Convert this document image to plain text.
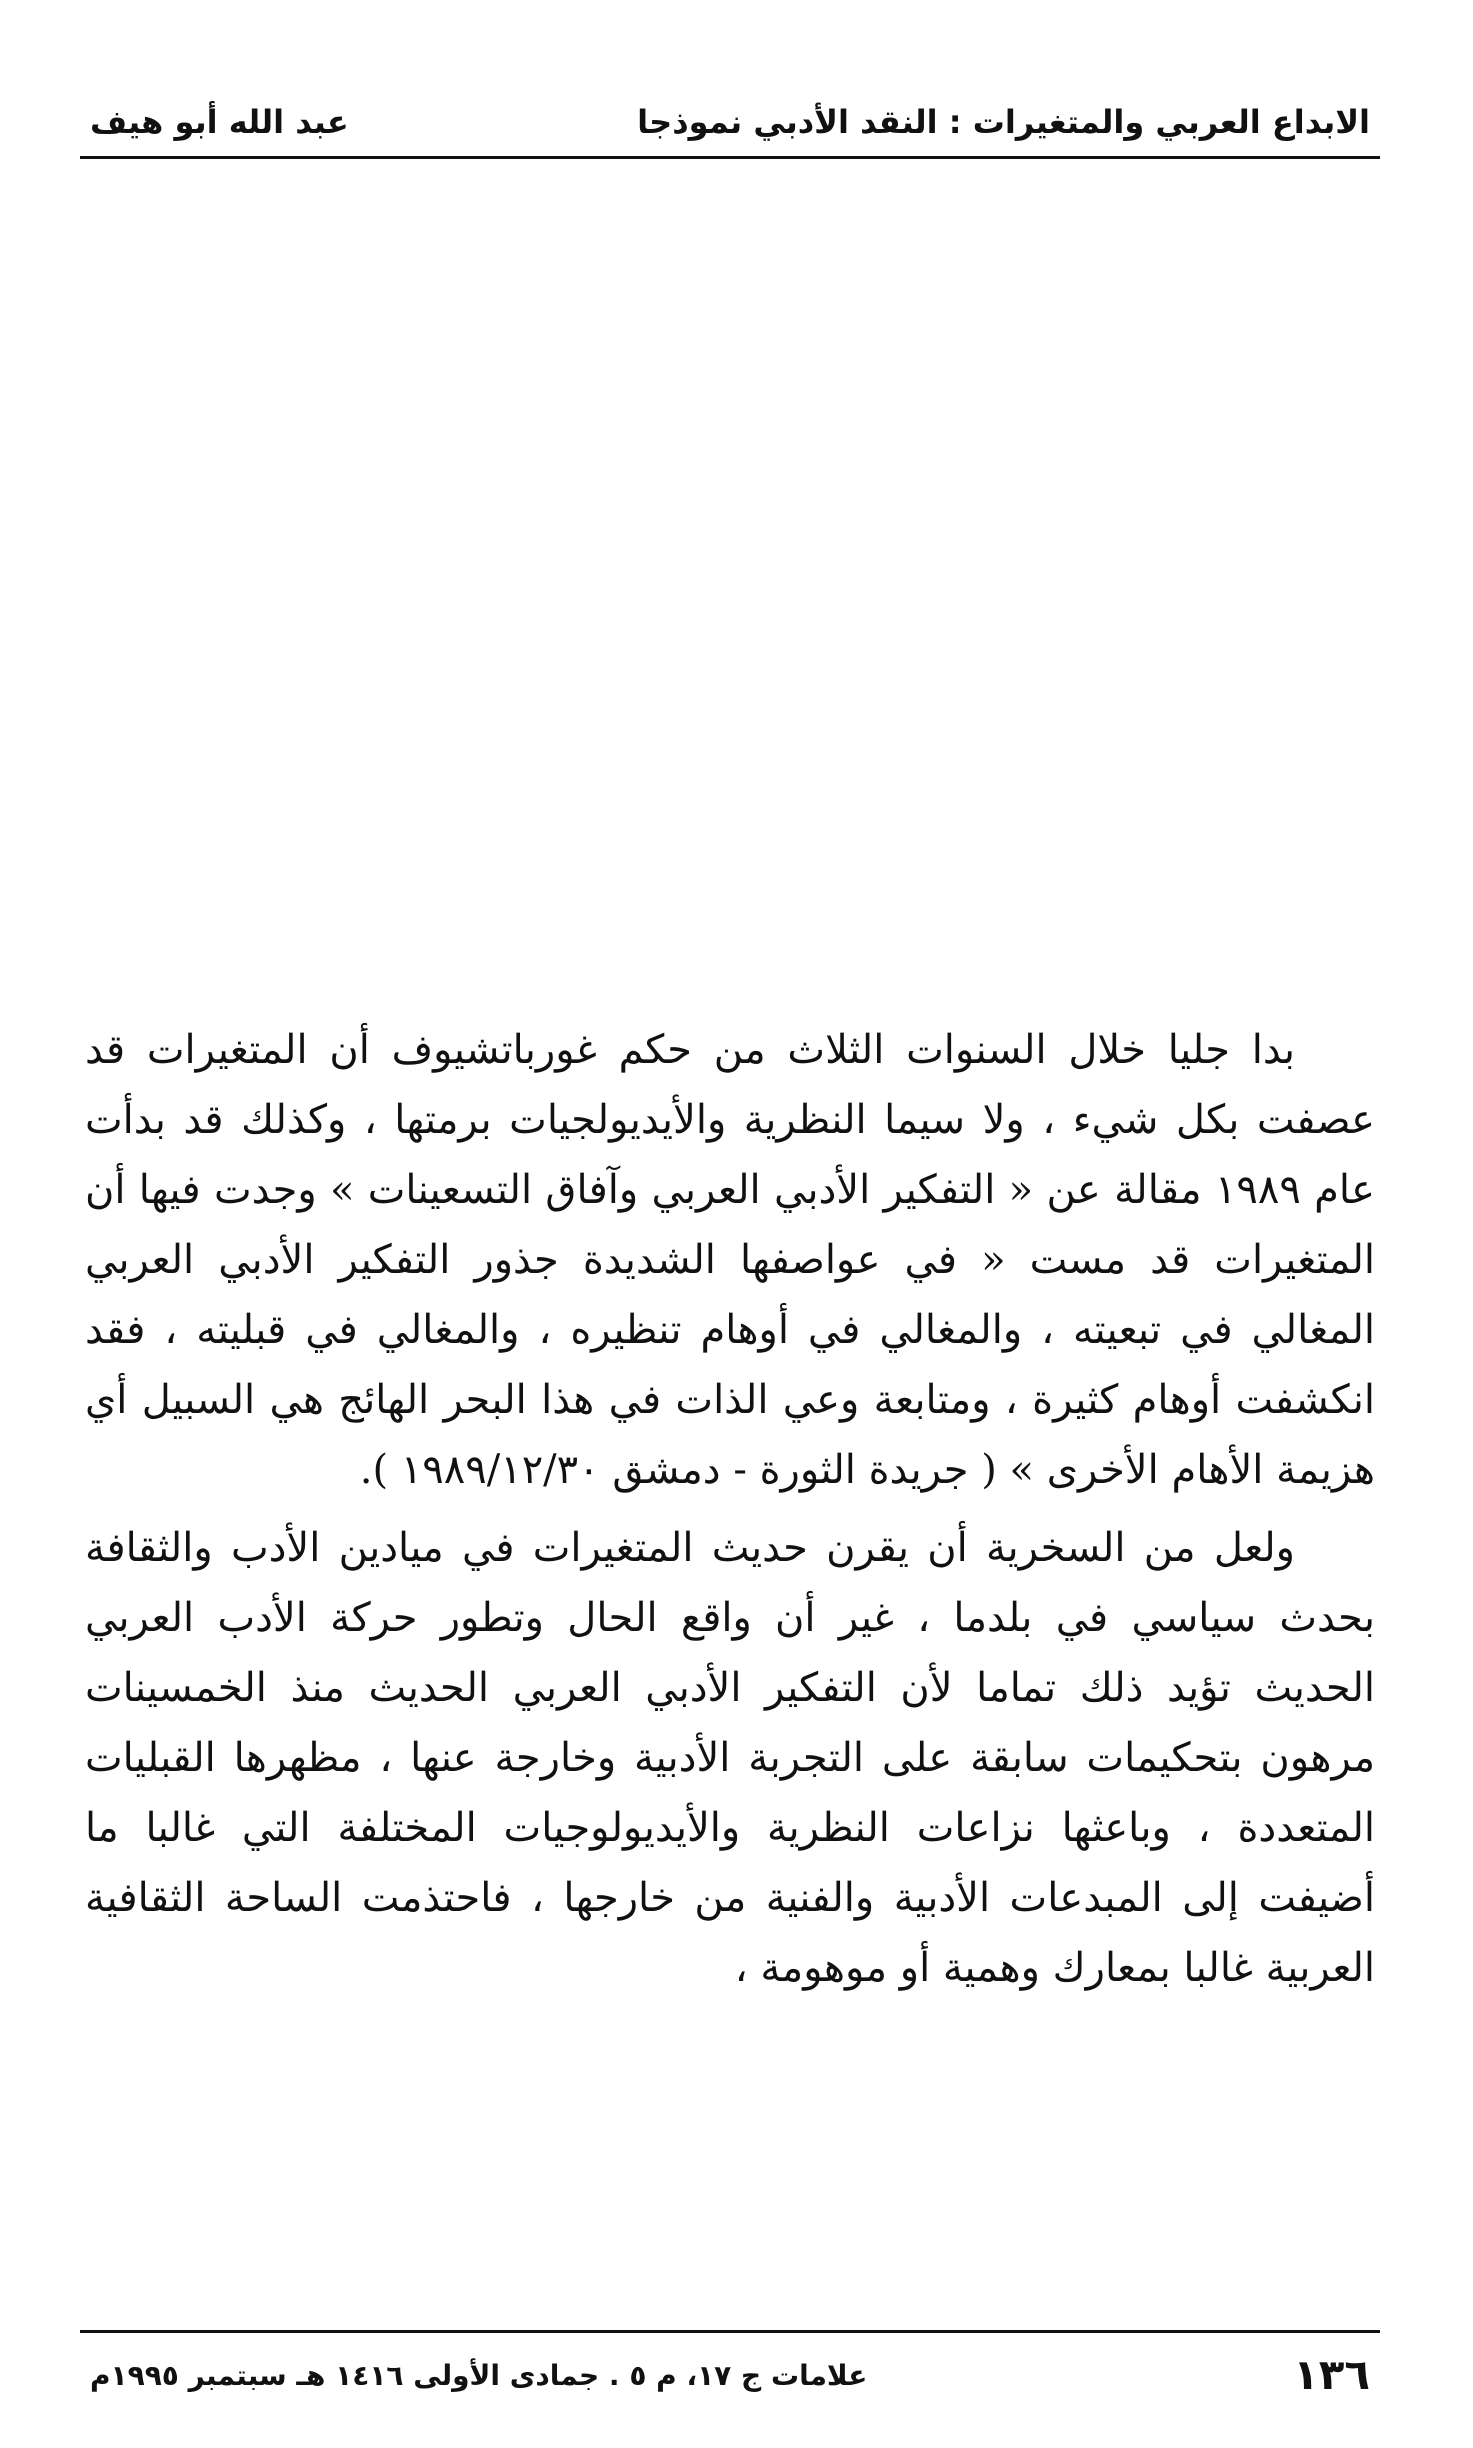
الابداع العربي والمتغيرات : النقد الأدبي نموذجا
عبد الله أبو هيف

بدا جليا خلال السنوات الثلاث من حكم غورباتشيوف أن المتغيرات قد عصفت بكل شيء ، ولا سيما النظرية والأيديولجيات برمتها ، وكذلك قد بدأت عام ١٩٨٩ مقالة عن « التفكير الأدبي العربي وآفاق التسعينات » وجدت فيها أن المتغيرات قد مست « في عواصفها الشديدة جذور التفكير الأدبي العربي المغالي في تبعيته ، والمغالي في أوهام تنظيره ، والمغالي في قبليته ، فقد انكشفت أوهام كثيرة ، ومتابعة وعي الذات في هذا البحر الهائج هي السبيل أي هزيمة الأهام الأخرى » ( جريدة الثورة - دمشق ١٩٨٩/١٢/٣٠ ).

ولعل من السخرية أن يقرن حديث المتغيرات في ميادين الأدب والثقافة بحدث سياسي في بلدما ، غير أن واقع الحال وتطور حركة الأدب العربي الحديث تؤيد ذلك تماما لأن التفكير الأدبي العربي الحديث منذ الخمسينات مرهون بتحكيمات سابقة على التجربة الأدبية وخارجة عنها ، مظهرها القبليات المتعددة ، وباعثها نزاعات النظرية والأيديولوجيات المختلفة التي غالبا ما أضيفت إلى المبدعات الأدبية والفنية من خارجها ، فاحتذمت الساحة الثقافية العربية غالبا بمعارك وهمية أو موهومة ،

١٣٦
علامات ج ١٧، م ٥ . جمادى الأولى ١٤١٦ هـ سبتمبر ١٩٩٥م
